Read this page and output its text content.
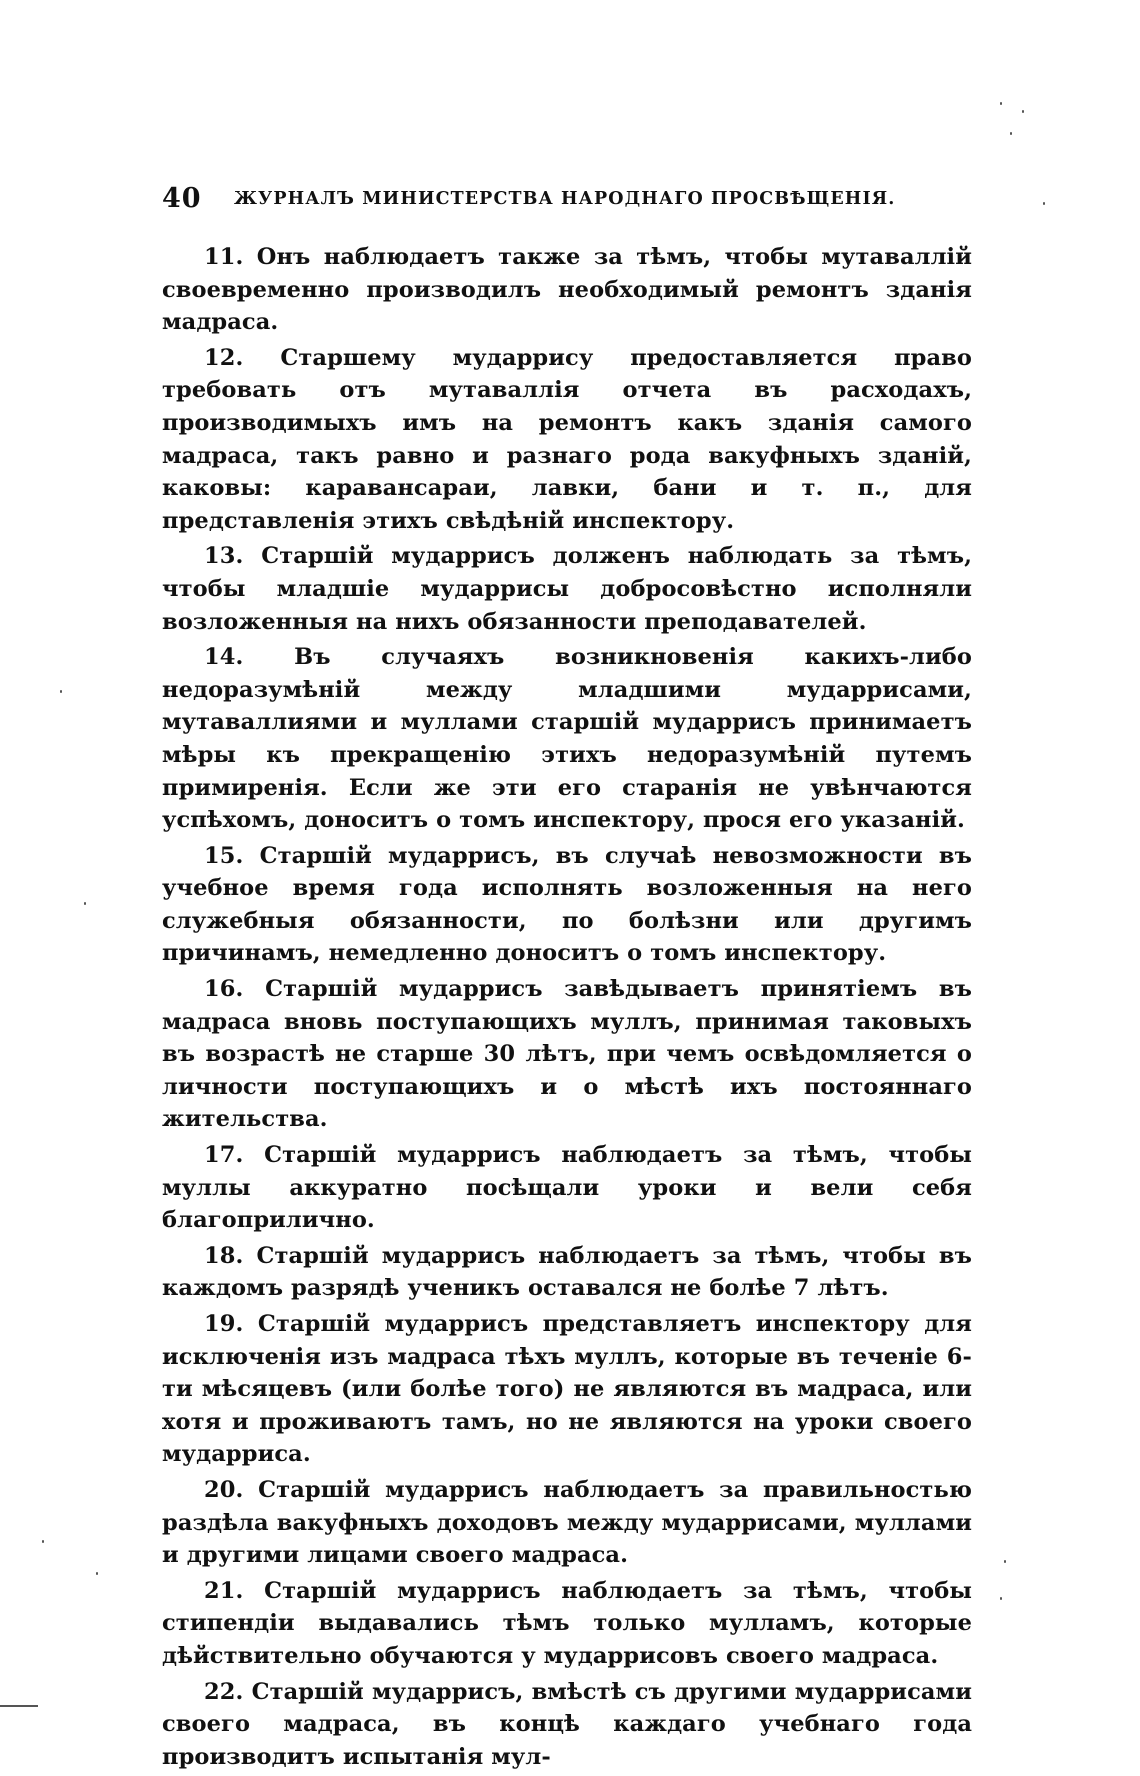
40 ЖУРНАЛЪ МИНИСТЕРСТВА НАРОДНАГО ПРОСВѢЩЕНІЯ.

11. Онъ наблюдаетъ также за тѣмъ, чтобы мутаваллій своевременно производилъ необходимый ремонтъ зданія мадраса.

12. Старшему мударрису предоставляется право требовать отъ мутаваллія отчета въ расходахъ, производимыхъ имъ на ремонтъ какъ зданія самого мадраса, такъ равно и разнаго рода вакуфныхъ зданій, каковы: каравансараи, лавки, бани и т. п., для представленія этихъ свѣдѣній инспектору.

13. Старшій мударрисъ долженъ наблюдать за тѣмъ, чтобы младшіе мударрисы добросовѣстно исполняли возложенныя на нихъ обязанности преподавателей.

14. Въ случаяхъ возникновенія какихъ-либо недоразумѣній между младшими мударрисами, мутаваллиями и муллами старшій мударрисъ принимаетъ мѣры къ прекращенію этихъ недоразумѣній путемъ примиренія. Если же эти его старанія не увѣнчаются успѣхомъ, доноситъ о томъ инспектору, прося его указаній.

15. Старшій мударрисъ, въ случаѣ невозможности въ учебное время года исполнять возложенныя на него служебныя обязанности, по болѣзни или другимъ причинамъ, немедленно доноситъ о томъ инспектору.

16. Старшій мударрисъ завѣдываетъ принятіемъ въ мадраса вновь поступающихъ муллъ, принимая таковыхъ въ возрастѣ не старше 30 лѣтъ, при чемъ освѣдомляется о личности поступающихъ и о мѣстѣ ихъ постояннаго жительства.

17. Старшій мударрисъ наблюдаетъ за тѣмъ, чтобы муллы аккуратно посѣщали уроки и вели себя благоприлично.

18. Старшій мударрисъ наблюдаетъ за тѣмъ, чтобы въ каждомъ разрядѣ ученикъ оставался не болѣе 7 лѣтъ.

19. Старшій мударрисъ представляетъ инспектору для исключенія изъ мадраса тѣхъ муллъ, которые въ теченіе 6-ти мѣсяцевъ (или болѣе того) не являются въ мадраса, или хотя и проживаютъ тамъ, но не являются на уроки своего мударриса.

20. Старшій мударрисъ наблюдаетъ за правильностью раздѣла вакуфныхъ доходовъ между мударрисами, муллами и другими лицами своего мадраса.

21. Старшій мударрисъ наблюдаетъ за тѣмъ, чтобы стипендіи выдавались тѣмъ только мулламъ, которые дѣйствительно обучаются у мударрисовъ своего мадраса.

22. Старшій мударрисъ, вмѣстѣ съ другими мударрисами своего мадраса, въ концѣ каждаго учебнаго года производитъ испытанія мул-
